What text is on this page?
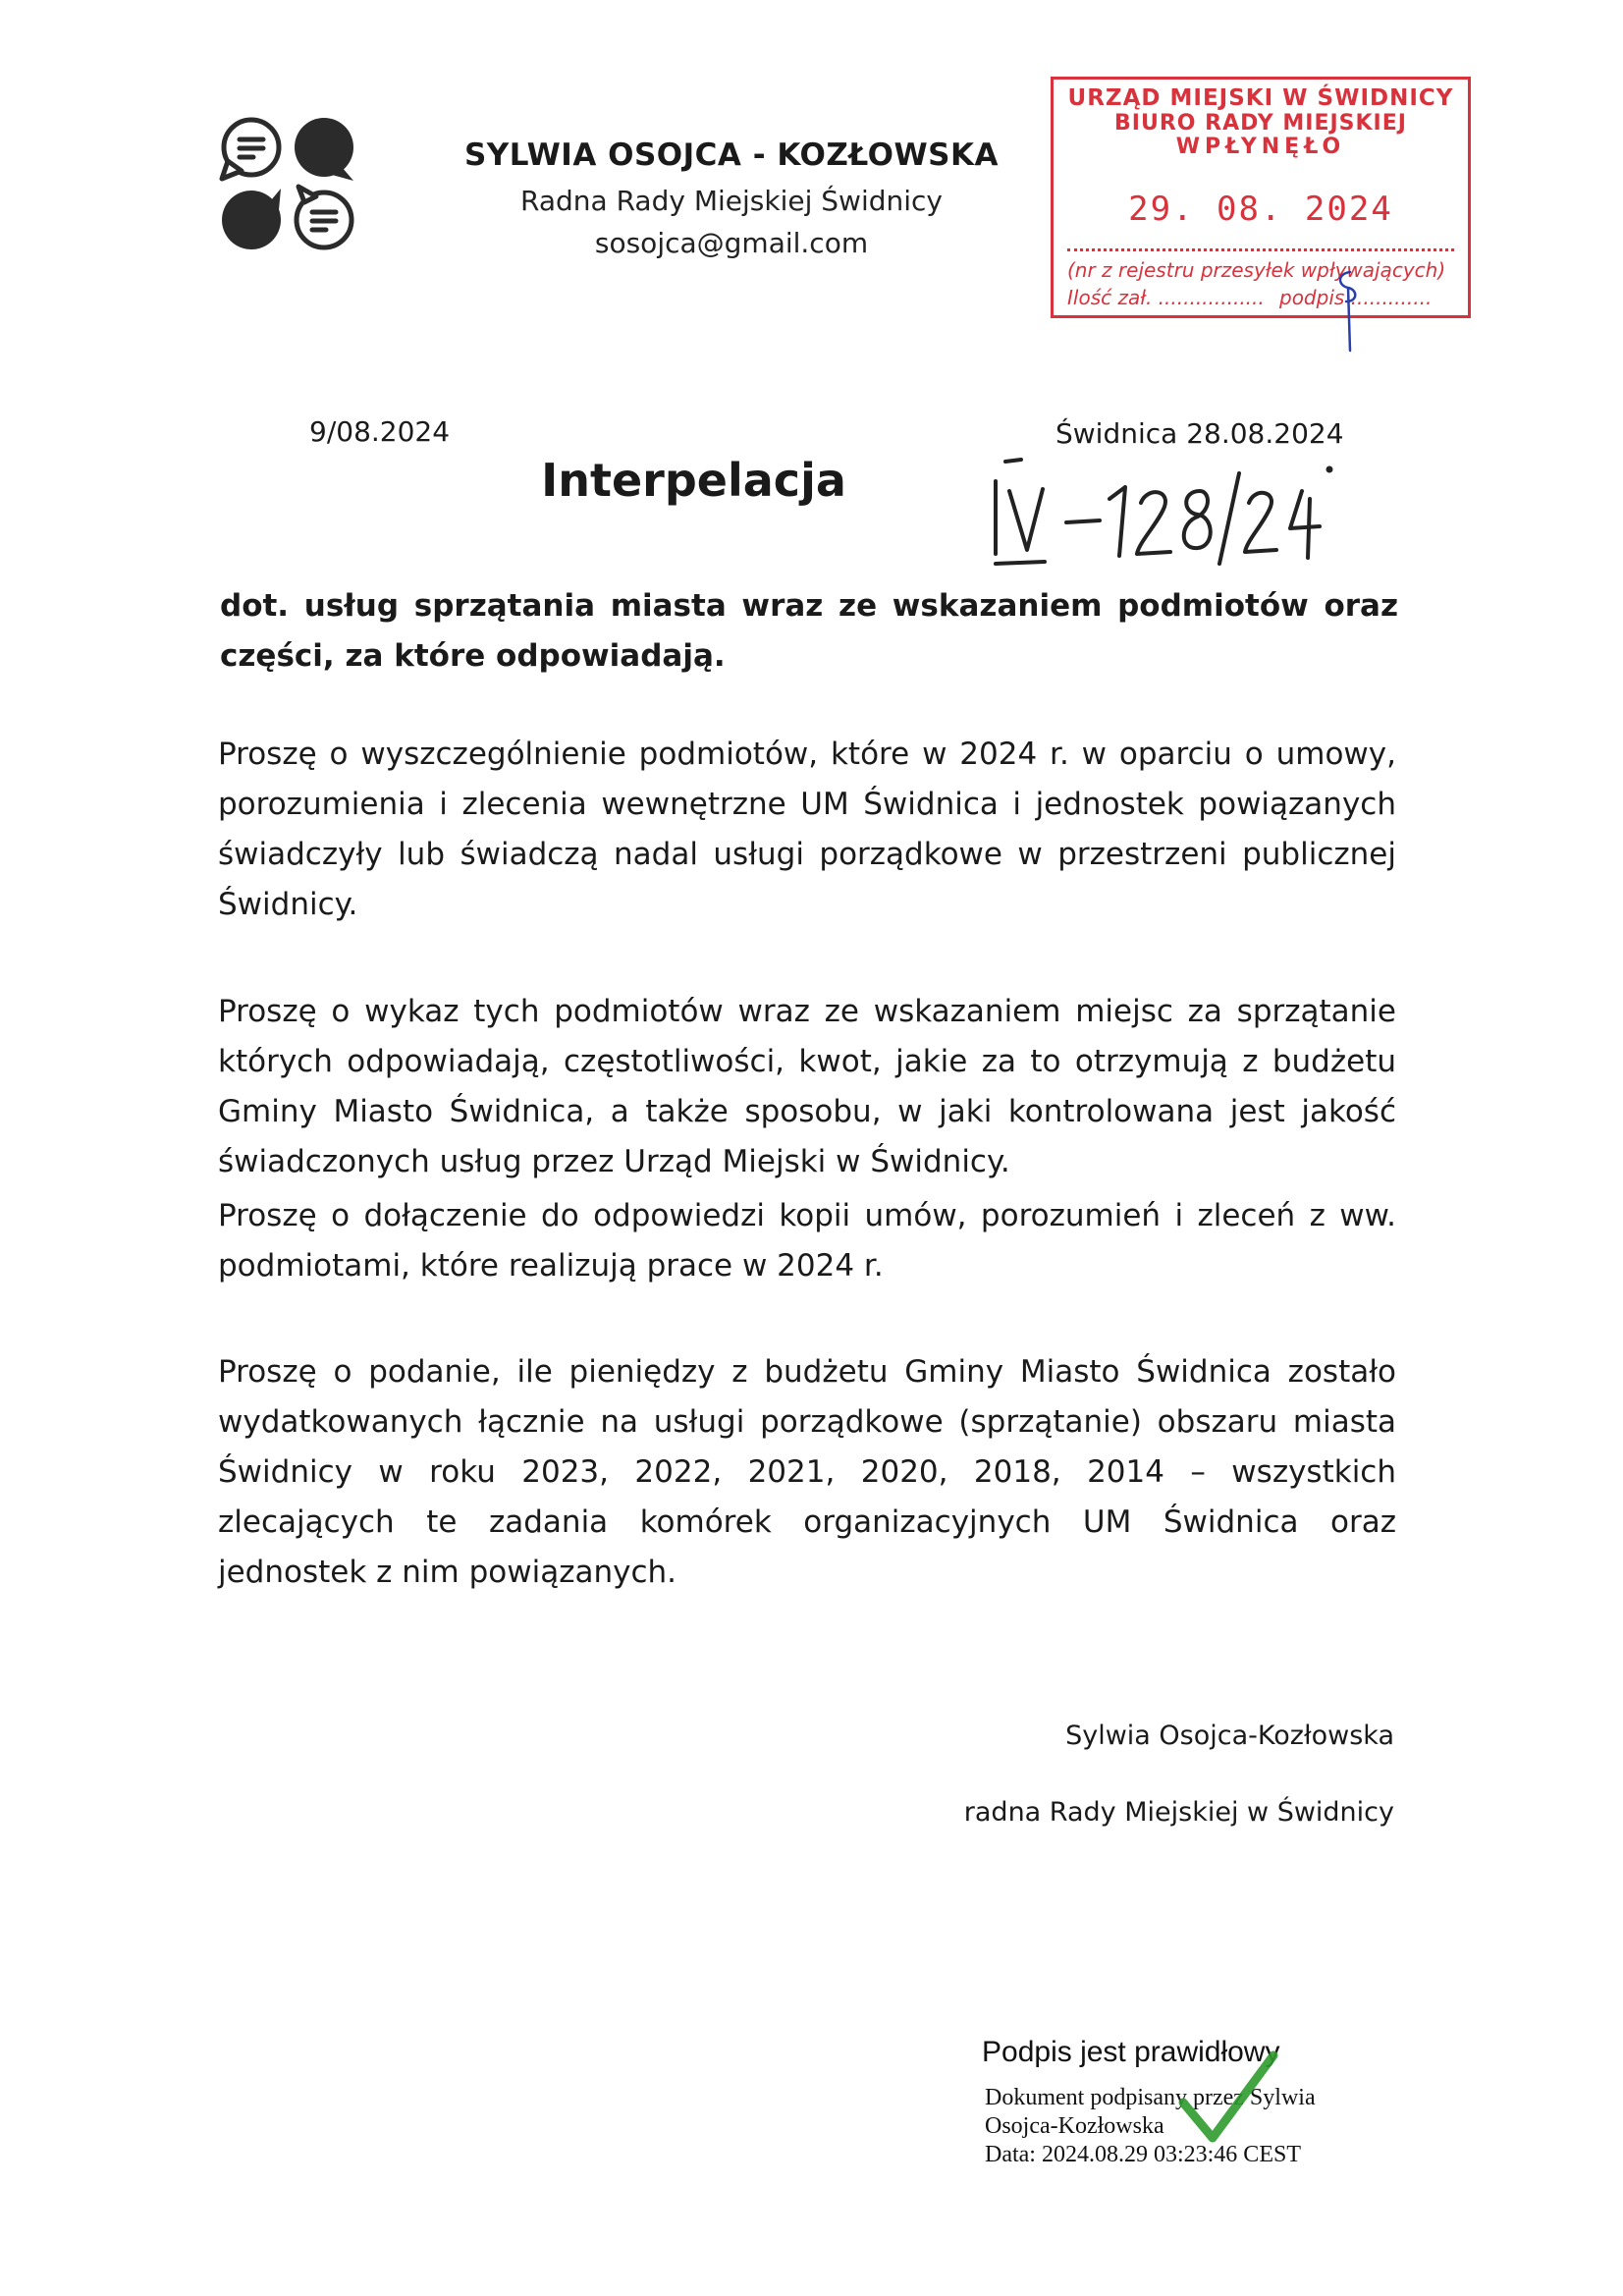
SYLWIA OSOJCA - KOZŁOWSKA
Radna Rady Miejskiej Świdnicy
sosojca@gmail.com
URZĄD MIEJSKI W ŚWIDNICY
BIURO RADY MIEJSKIEJ
WPŁYNĘŁO
29. 08. 2024
(nr z rejestru przesyłek wpływających)
Ilość zał. ................. podpis .............
9/08.2024	Świdnica 28.08.2024
Interpelacja
dot. usług sprzątania miasta wraz ze wskazaniem podmiotów oraz części, za które odpowiadają.
Proszę o wyszczególnienie podmiotów, które w 2024 r. w oparciu o umowy, porozumienia i zlecenia wewnętrzne UM Świdnica i jednostek powiązanych świadczyły lub świadczą nadal usługi porządkowe w przestrzeni publicznej Świdnicy.
Proszę o wykaz tych podmiotów wraz ze wskazaniem miejsc za sprzątanie których odpowiadają, częstotliwości, kwot, jakie za to otrzymują z budżetu Gminy Miasto Świdnica, a także sposobu, w jaki kontrolowana jest jakość świadczonych usług przez Urząd Miejski w Świdnicy.
Proszę o dołączenie do odpowiedzi kopii umów, porozumień i zleceń z ww. podmiotami, które realizują prace w 2024 r.
Proszę o podanie, ile pieniędzy z budżetu Gminy Miasto Świdnica zostało wydatkowanych łącznie na usługi porządkowe (sprzątanie) obszaru miasta Świdnicy w roku 2023, 2022, 2021, 2020, 2018, 2014 – wszystkich zlecających te zadania komórek organizacyjnych UM Świdnica oraz jednostek z nim powiązanych.
Sylwia Osojca-Kozłowska
radna Rady Miejskiej w Świdnicy
Podpis jest prawidłowy
Dokument podpisany przez Sylwia
Osojca-Kozłowska
Data: 2024.08.29 03:23:46 CEST
